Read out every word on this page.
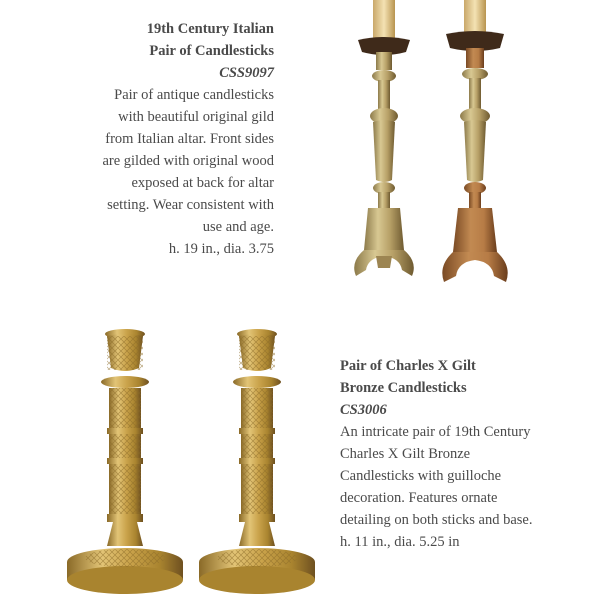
19th Century Italian
Pair of Candlesticks
CSS9097
Pair of antique candlesticks
with beautiful original gild
from Italian altar. Front sides
are gilded with original wood
exposed at back for altar
setting. Wear consistent with
use and age.
h. 19 in., dia. 3.75
Pair of Charles X Gilt
Bronze Candlesticks
CS3006
An intricate pair of 19th Century
Charles X Gilt Bronze
Candlesticks with guilloche
decoration. Features ornate
detailing on both sticks and base.
h. 11 in., dia. 5.25 in
